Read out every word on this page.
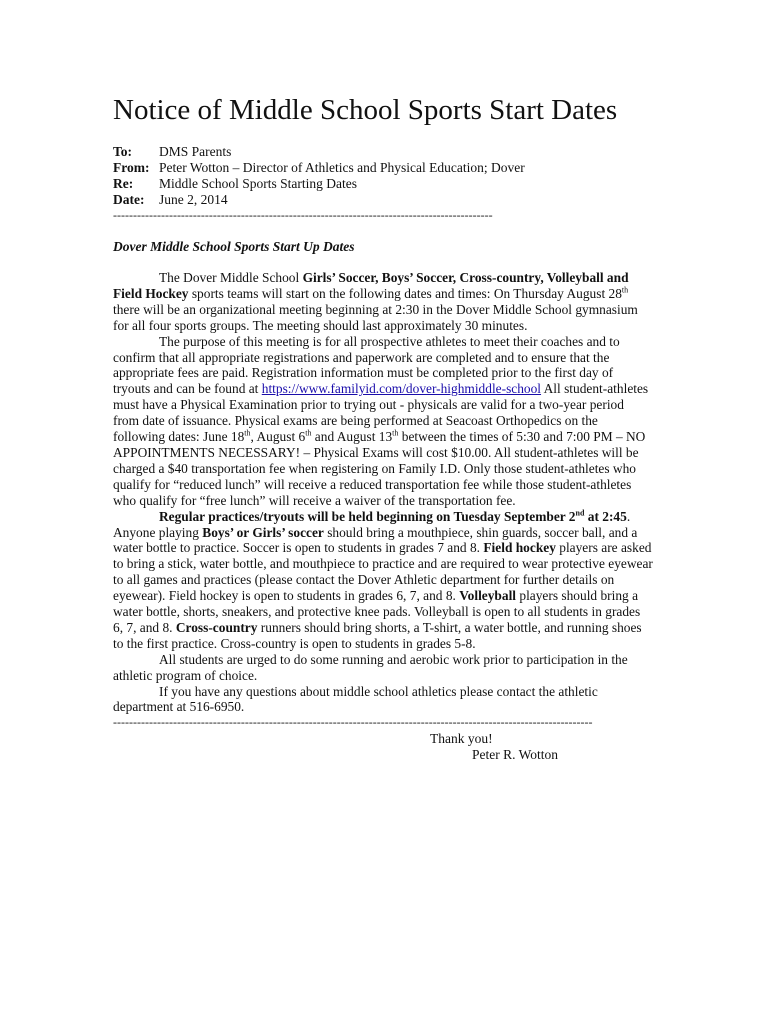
Notice of Middle School Sports Start Dates
To:	DMS Parents
From: Peter Wotton – Director of Athletics and Physical Education; Dover
Re:	Middle School Sports Starting Dates
Date:	June 2, 2014
-----------------------------------------------------------------------------------------------
Dover Middle School Sports Start Up Dates

The Dover Middle School Girls’ Soccer, Boys’ Soccer, Cross-country, Volleyball and Field Hockey sports teams will start on the following dates and times: On Thursday August 28th there will be an organizational meeting beginning at 2:30 in the Dover Middle School gymnasium for all four sports groups. The meeting should last approximately 30 minutes.

The purpose of this meeting is for all prospective athletes to meet their coaches and to confirm that all appropriate registrations and paperwork are completed and to ensure that the appropriate fees are paid. Registration information must be completed prior to the first day of tryouts and can be found at https://www.familyid.com/dover-highmiddle-school All student-athletes must have a Physical Examination prior to trying out - physicals are valid for a two-year period from date of issuance. Physical exams are being performed at Seacoast Orthopedics on the following dates: June 18th, August 6th and August 13th between the times of 5:30 and 7:00 PM – NO APPOINTMENTS NECESSARY! – Physical Exams will cost $10.00. All student-athletes will be charged a $40 transportation fee when registering on Family I.D. Only those student-athletes who qualify for “reduced lunch” will receive a reduced transportation fee while those student-athletes who qualify for “free lunch” will receive a waiver of the transportation fee.

Regular practices/tryouts will be held beginning on Tuesday September 2nd at 2:45. Anyone playing Boys’ or Girls’ soccer should bring a mouthpiece, shin guards, soccer ball, and a water bottle to practice. Soccer is open to students in grades 7 and 8. Field hockey players are asked to bring a stick, water bottle, and mouthpiece to practice and are required to wear protective eyewear to all games and practices (please contact the Dover Athletic department for further details on eyewear). Field hockey is open to students in grades 6, 7, and 8. Volleyball players should bring a water bottle, shorts, sneakers, and protective knee pads. Volleyball is open to all students in grades 6, 7, and 8. Cross-country runners should bring shorts, a T-shirt, a water bottle, and running shoes to the first practice. Cross-country is open to students in grades 5-8.

All students are urged to do some running and aerobic work prior to participation in the athletic program of choice.

If you have any questions about middle school athletics please contact the athletic department at 516-6950.

------------------------------------------------------------------------------------------------------------------------
Thank you!
Peter R. Wotton
